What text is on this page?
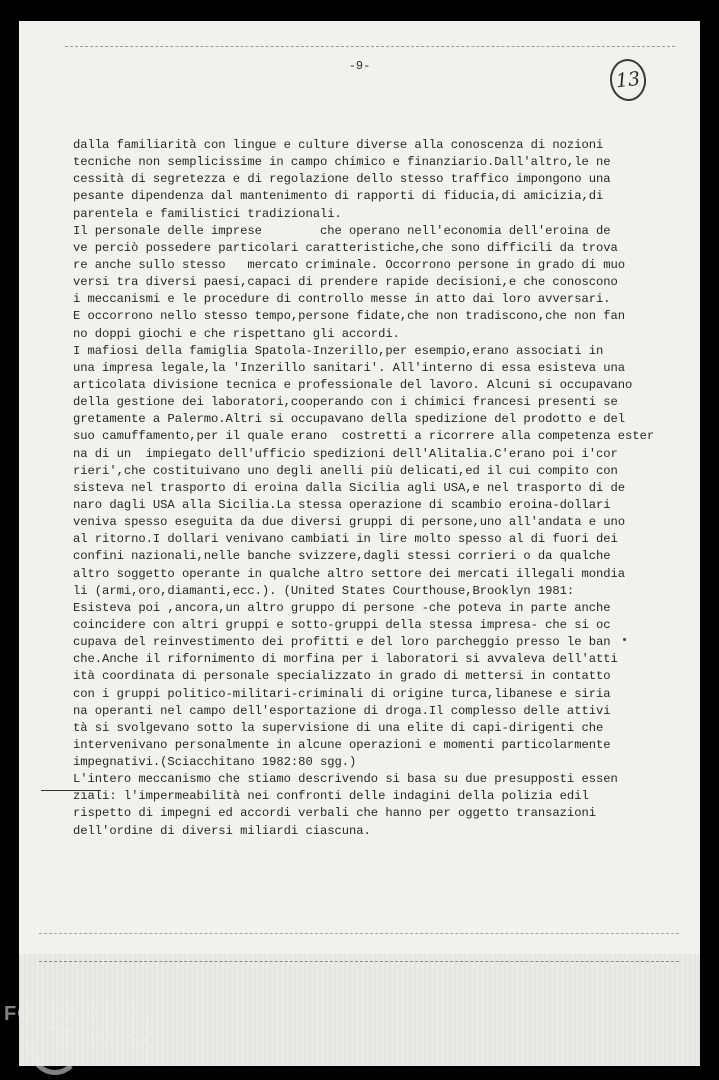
-9-
13
dalla familiarità con lingue e culture diverse alla conoscenza di nozioni
tecniche non semplicissime in campo chimico e finanziario.Dall'altro,le ne
cessità di segretezza e di regolazione dello stesso traffico impongono una
pesante dipendenza dal mantenimento di rapporti di fiducia,di amicizia,di
parentela e familistici tradizionali.
Il personale delle imprese        che operano nell'economia dell'eroina de
ve perciò possedere particolari caratteristiche,che sono difficili da trova
re anche sullo stesso   mercato criminale. Occorrono persone in grado di muo
versi tra diversi paesi,capaci di prendere rapide decisioni,e che conoscono
i meccanismi e le procedure di controllo messe in atto dai loro avversari.
E occorrono nello stesso tempo,persone fidate,che non tradiscono,che non fan
no doppi giochi e che rispettano gli accordi.
I mafiosi della famiglia Spatola-Inzerillo,per esempio,erano associati in
una impresa legale,la 'Inzerillo sanitari'. All'interno di essa esisteva una
articolata divisione tecnica e professionale del lavoro. Alcuni si occupavano
della gestione dei laboratori,cooperando con i chimici francesi presenti se
gretamente a Palermo.Altri si occupavano della spedizione del prodotto e del
suo camuffamento,per il quale erano  costretti a ricorrere alla competenza ester
na di un  impiegato dell'ufficio spedizioni dell'Alitalia.C'erano poi i'cor
rieri',che costituivano uno degli anelli più delicati,ed il cui compito con
sisteva nel trasporto di eroina dalla Sicilia agli USA,e nel trasporto di de
naro dagli USA alla Sicilia.La stessa operazione di scambio eroina-dollari
veniva spesso eseguita da due diversi gruppi di persone,uno all'andata e uno
al ritorno.I dollari venivano cambiati in lire molto spesso al di fuori dei
confini nazionali,nelle banche svizzere,dagli stessi corrieri o da qualche
altro soggetto operante in qualche altro settore dei mercati illegali mondia
li (armi,oro,diamanti,ecc.). (United States Courthouse,Brooklyn 1981:
Esisteva poi ,ancora,un altro gruppo di persone -che poteva in parte anche
coincidere con altri gruppi e sotto-gruppi della stessa impresa- che si oc
cupava del reinvestimento dei profitti e del loro parcheggio presso le ban
che.Anche il rifornimento di morfina per i laboratori si avvaleva dell'atti
ità coordinata di personale specializzato in grado di mettersi in contatto
con i gruppi politico-militari-criminali di origine turca,libanese e siria
na operanti nel campo dell'esportazione di droga.Il complesso delle attivi
tà si svolgevano sotto la supervisione di una elite di capi-dirigenti che
intervenivano personalmente in alcune operazioni e momenti particolarmente
impegnativi.(Sciacchitano 1982:80 sgg.)
L'intero meccanismo che stiamo descrivendo si basa su due presupposti essen
ziali: l'impermeabilità nei confronti delle indagini della polizia edil
rispetto di impegni ed accordi verbali che hanno per oggetto transazioni
dell'ordine di diversi miliardi ciascuna.
FONDAZIONE
GRAMSCI
onlus
